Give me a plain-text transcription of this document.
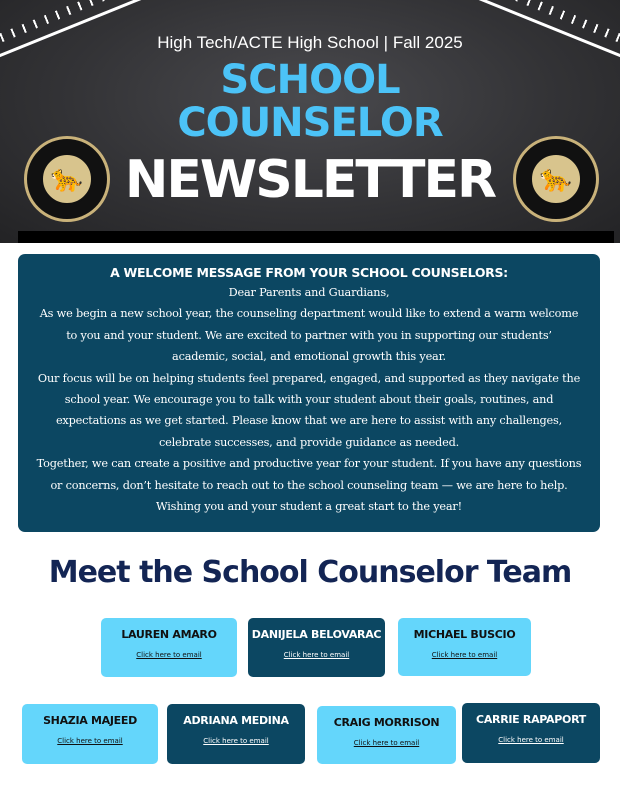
High Tech/ACTE High School | Fall 2025
SCHOOL
COUNSELOR
NEWSLETTER
🐆	🐆
A WELCOME MESSAGE FROM YOUR SCHOOL COUNSELORS:
Dear Parents and Guardians,
As we begin a new school year, the counseling department would like to extend a warm welcome
to you and your student. We are excited to partner with you in supporting our students’
academic, social, and emotional growth this year.
Our focus will be on helping students feel prepared, engaged, and supported as they navigate the
school year. We encourage you to talk with your student about their goals, routines, and
expectations as we get started. Please know that we are here to assist with any challenges,
celebrate successes, and provide guidance as needed.
Together, we can create a positive and productive year for your student. If you have any questions
or concerns, don’t hesitate to reach out to the school counseling team — we are here to help.
Wishing you and your student a great start to the year!
Meet the School Counselor Team
LAUREN AMARO
Click here to email
DANIJELA BELOVARAC
Click here to email
MICHAEL BUSCIO
Click here to email
SHAZIA MAJEED
Click here to email
ADRIANA MEDINA
Click here to email
CRAIG MORRISON
Click here to email
CARRIE RAPAPORT
Click here to email
